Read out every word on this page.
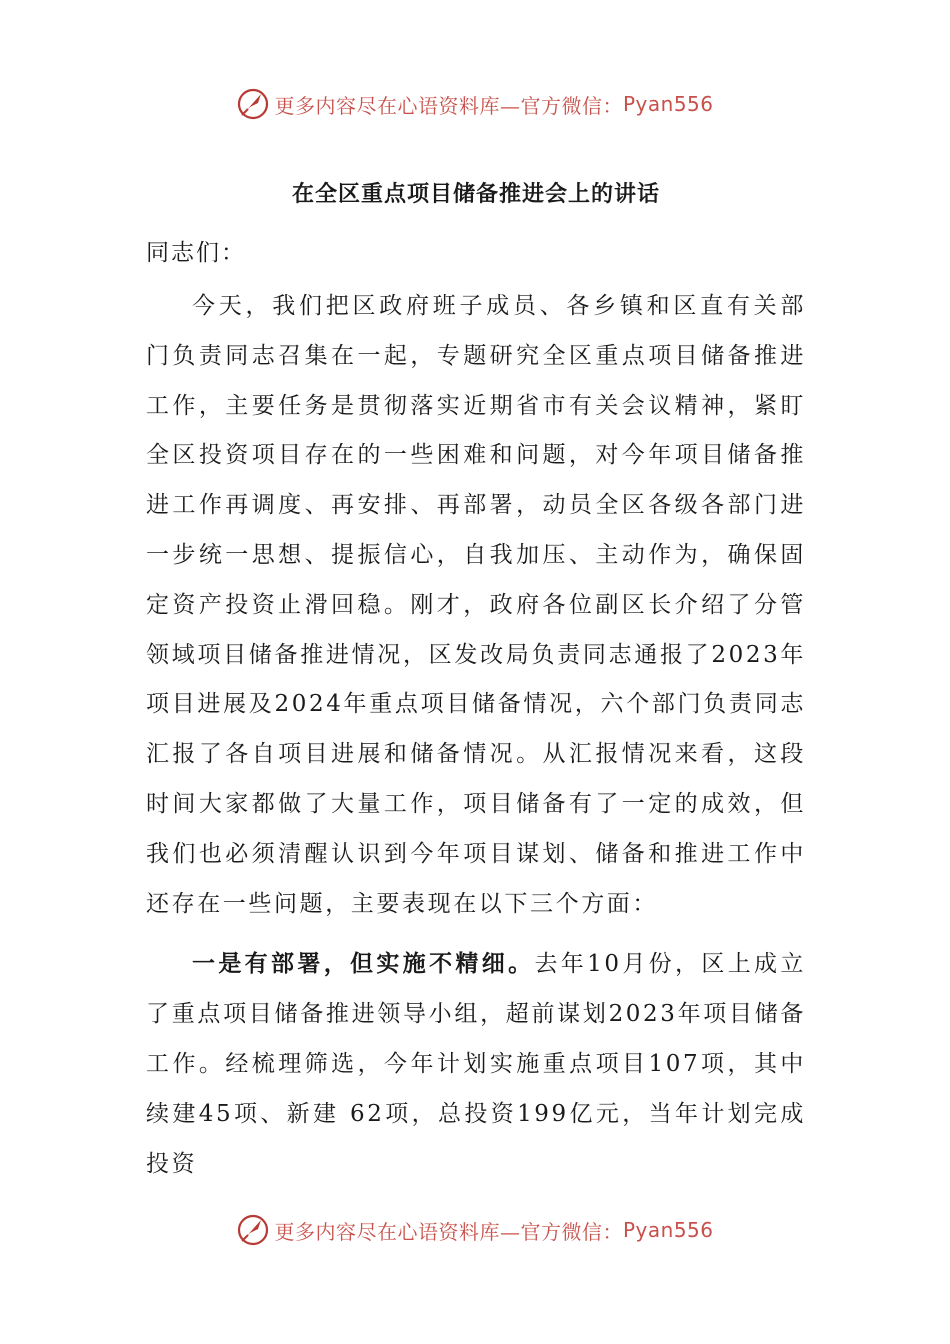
更多内容尽在心语资料库— 官方微信： Pyan556
在全区重点项目储备推进会上的讲话
同志们：

今天，我们把区政府班子成员、各乡镇和区直有关部门负责同志召集在一起，专题研究全区重点项目储备推进工作，主要任务是贯彻落实近期省市有关会议精神，紧盯全区投资项目存在的一些困难和问题，对今年项目储备推进工作再调度、再安排、再部署，动员全区各级各部门进一步统一思想、提振信心，自我加压、主动作为，确保固定资产投资止滑回稳。刚才，政府各位副区长介绍了分管领域项目储备推进情况，区发改局负责同志通报了2023年项目进展及2024年重点项目储备情况，六个部门负责同志汇报了各自项目进展和储备情况。从汇报情况来看，这段时间大家都做了大量工作，项目储备有了一定的成效，但我们也必须清醒认识到今年项目谋划、储备和推进工作中还存在一些问题，主要表现在以下三个方面：

一是有部署，但实施不精细。去年10月份，区上成立了重点项目储备推进领导小组，超前谋划2023年项目储备工作。经梳理筛选，今年计划实施重点项目107项，其中续建45项、新建 62项，总投资199亿元，当年计划完成投资

更多内容尽在心语资料库— 官方微信： Pyan556
